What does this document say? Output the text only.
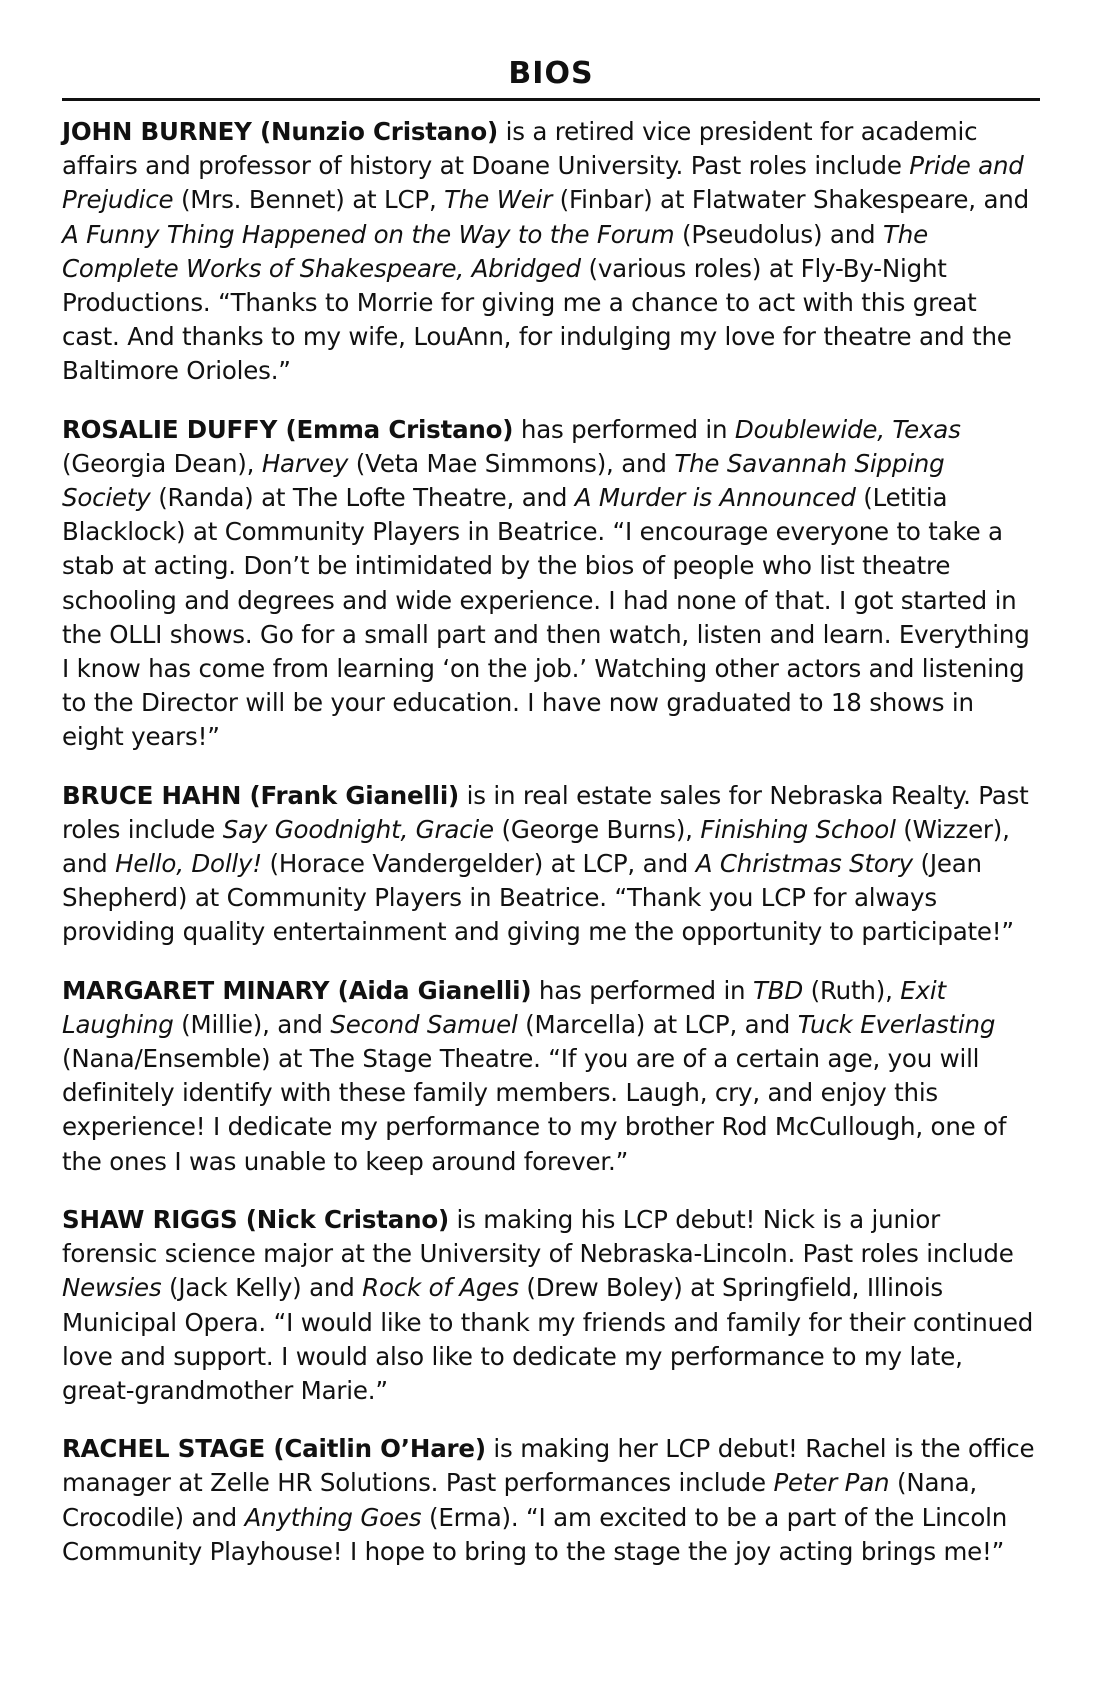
BIOS

JOHN BURNEY (Nunzio Cristano) is a retired vice president for academic affairs and professor of history at Doane University. Past roles include Pride and Prejudice (Mrs. Bennet) at LCP, The Weir (Finbar) at Flatwater Shakespeare, and A Funny Thing Happened on the Way to the Forum (Pseudolus) and The Complete Works of Shakespeare, Abridged (various roles) at Fly-By-Night Productions. “Thanks to Morrie for giving me a chance to act with this great cast. And thanks to my wife, LouAnn, for indulging my love for theatre and the Baltimore Orioles.”

ROSALIE DUFFY (Emma Cristano) has performed in Doublewide, Texas (Georgia Dean), Harvey (Veta Mae Simmons), and The Savannah Sipping Society (Randa) at The Lofte Theatre, and A Murder is Announced (Letitia Blacklock) at Community Players in Beatrice. “I encourage everyone to take a stab at acting. Don’t be intimidated by the bios of people who list theatre schooling and degrees and wide experience. I had none of that. I got started in the OLLI shows. Go for a small part and then watch, listen and learn. Everything I know has come from learning ‘on the job.’ Watching other actors and listening to the Director will be your education. I have now graduated to 18 shows in eight years!”

BRUCE HAHN (Frank Gianelli) is in real estate sales for Nebraska Realty. Past roles include Say Goodnight, Gracie (George Burns), Finishing School (Wizzer), and Hello, Dolly! (Horace Vandergelder) at LCP, and A Christmas Story (Jean Shepherd) at Community Players in Beatrice. “Thank you LCP for always providing quality entertainment and giving me the opportunity to participate!”

MARGARET MINARY (Aida Gianelli) has performed in TBD (Ruth), Exit Laughing (Millie), and Second Samuel (Marcella) at LCP, and Tuck Everlasting (Nana/Ensemble) at The Stage Theatre. “If you are of a certain age, you will definitely identify with these family members. Laugh, cry, and enjoy this experience! I dedicate my performance to my brother Rod McCullough, one of the ones I was unable to keep around forever.”

SHAW RIGGS (Nick Cristano) is making his LCP debut! Nick is a junior forensic science major at the University of Nebraska-Lincoln. Past roles include Newsies (Jack Kelly) and Rock of Ages (Drew Boley) at Springfield, Illinois Municipal Opera. “I would like to thank my friends and family for their continued love and support. I would also like to dedicate my performance to my late, great-grandmother Marie.”

RACHEL STAGE (Caitlin O’Hare) is making her LCP debut! Rachel is the office manager at Zelle HR Solutions. Past performances include Peter Pan (Nana, Crocodile) and Anything Goes (Erma). “I am excited to be a part of the Lincoln Community Playhouse! I hope to bring to the stage the joy acting brings me!”
